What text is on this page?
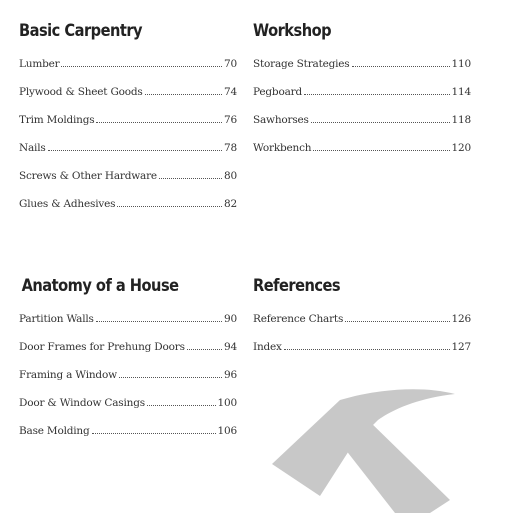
Basic Carpentry
Lumber	70
Plywood & Sheet Goods	74
Trim Moldings	76
Nails	78
Screws & Other Hardware	80
Glues & Adhesives	82
Workshop
Storage Strategies	110
Pegboard	114
Sawhorses	118
Workbench	120
Anatomy of a House
Partition Walls	90
Door Frames for Prehung Doors	94
Framing a Window	96
Door & Window Casings	100
Base Molding	106
References
Reference Charts	126
Index	127
